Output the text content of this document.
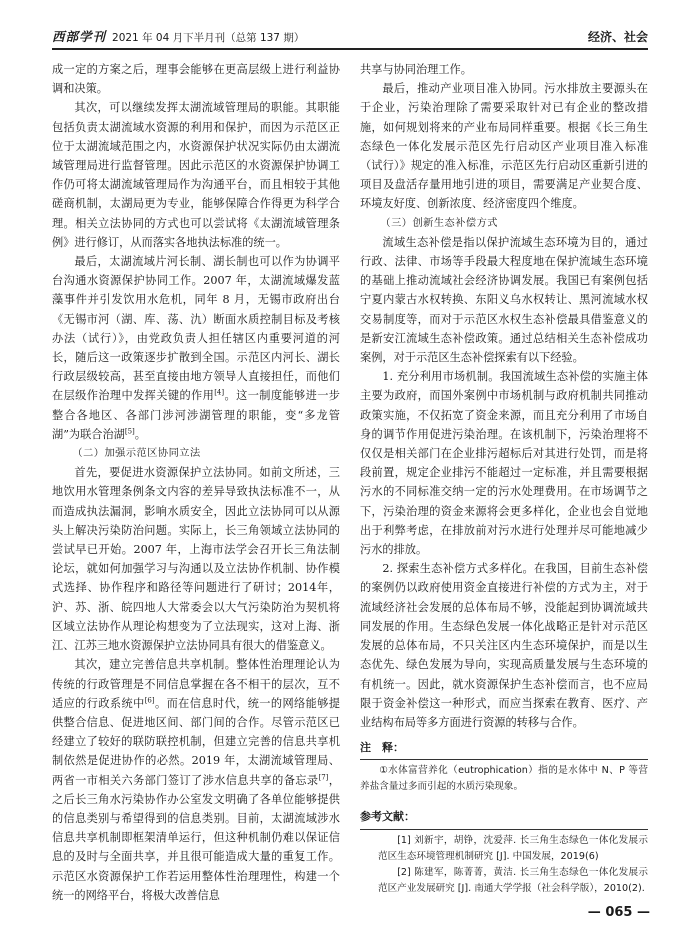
西部学刊 2021 年 04 月下半月刊（总第 137 期）	经济、社会

成一定的方案之后，理事会能够在更高层级上进行利益协调和决策。

其次，可以继续发挥太湖流域管理局的职能。其职能包括负责太湖流域水资源的利用和保护，而因为示范区正位于太湖流域范围之内，水资源保护状况实际仍由太湖流域管理局进行监督管理。因此示范区的水资源保护协调工作仍可将太湖流域管理局作为沟通平台，而且相较于其他磋商机制，太湖局更为专业，能够保障合作得更为科学合理。相关立法协同的方式也可以尝试将《太湖流域管理条例》进行修订，从而落实各地执法标准的统一。

最后，太湖流域片河长制、湖长制也可以作为协调平台沟通水资源保护协同工作。2007 年，太湖流域爆发蓝藻事件并引发饮用水危机，同年 8 月，无锡市政府出台《无锡市河（湖、库、荡、氿）断面水质控制目标及考核办法（试行）》，由党政负责人担任辖区内重要河道的河长，随后这一政策逐步扩散到全国。示范区内河长、湖长行政层级较高，甚至直接由地方领导人直接担任，而他们在层级作治理中发挥关键的作用[4]。这一制度能够进一步整合各地区、各部门涉河涉湖管理的职能，变“多龙管湖”为联合治湖[5]。

（二）加强示范区协同立法

首先，要促进水资源保护立法协同。如前文所述，三地饮用水管理条例条文内容的差异导致执法标准不一，从而造成执法漏洞，影响水质安全，因此立法协同可以从源头上解决污染防治问题。实际上，长三角领域立法协同的尝试早已开始。2007 年，上海市法学会召开长三角法制论坛，就如何加强学习与沟通以及立法协作机制、协作模式选择、协作程序和路径等问题进行了研讨；2014年，沪、苏、浙、皖四地人大常委会以大气污染防治为契机将区域立法协作从理论构想变为了立法现实，这对上海、浙江、江苏三地水资源保护立法协同具有很大的借鉴意义。

其次，建立完善信息共享机制。整体性治理理论认为传统的行政管理是不同信息掌握在各不相干的层次，互不适应的行政系统中[6]。而在信息时代，统一的网络能够提供整合信息、促进地区间、部门间的合作。尽管示范区已经建立了较好的联防联控机制，但建立完善的信息共享机制依然是促进协作的必然。2019 年，太湖流域管理局、两省一市相关六务部门签订了涉水信息共享的备忘录[7]，之后长三角水污染协作办公室发文明确了各单位能够提供的信息类别与希望得到的信息类别。目前，太湖流域涉水信息共享机制即框架清单运行，但这种机制仍难以保证信息的及时与全面共享，并且很可能造成大量的重复工作。示范区水资源保护工作若运用整体性治理理性，构建一个统一的网络平台，将极大改善信息

共享与协同治理工作。

最后，推动产业项目准入协同。污水排放主要源头在于企业，污染治理除了需要采取针对已有企业的整改措施，如何规划将来的产业布局同样重要。根据《长三角生态绿色一体化发展示范区先行启动区产业项目准入标准（试行）》规定的准入标准，示范区先行启动区重新引进的项目及盘活存量用地引进的项目，需要满足产业契合度、环境友好度、创新浓度、经济密度四个维度。

（三）创新生态补偿方式

流域生态补偿是指以保护流域生态环境为目的，通过行政、法律、市场等手段最大程度地在保护流域生态环境的基础上推动流域社会经济协调发展。我国已有案例包括宁夏内蒙古水权转换、东阳义乌水权转让、黑河流域水权交易制度等，而对于示范区水权生态补偿最具借鉴意义的是新安江流域生态补偿政策。通过总结相关生态补偿成功案例，对于示范区生态补偿探索有以下经验。

1. 充分利用市场机制。我国流域生态补偿的实施主体主要为政府，而国外案例中市场机制与政府机制共同推动政策实施，不仅拓宽了资金来源，而且充分利用了市场自身的调节作用促进污染治理。在该机制下，污染治理将不仅仅是相关部门在企业排污超标后对其进行处罚，而是将段前置，规定企业排污不能超过一定标准，并且需要根据污水的不同标准交纳一定的污水处理费用。在市场调节之下，污染治理的资金来源将会更多样化，企业也会自觉地出于利弊考虑，在排放前对污水进行处理并尽可能地减少污水的排放。

2. 探索生态补偿方式多样化。在我国，目前生态补偿的案例仍以政府使用资金直接进行补偿的方式为主，对于流域经济社会发展的总体布局不够，没能起到协调流域共同发展的作用。生态绿色发展一体化战略正是针对示范区发展的总体布局，不只关注区内生态环境保护，而是以生态优先、绿色发展为导向，实现高质量发展与生态环境的有机统一。因此，就水资源保护生态补偿而言，也不应局限于资金补偿这一种形式，而应当探索在教育、医疗、产业结构布局等多方面进行资源的转移与合作。

注　释：

①水体富营养化（eutrophication）指的是水体中 N、P 等营养盐含量过多而引起的水质污染现象。

参考文献：

[1] 刘新宇，胡铮，沈爱萍. 长三角生态绿色一体化发展示范区生态环境管理机制研究 [J]. 中国发展，2019(6)

[2] 陈建军，陈菁菁，黄洁. 长三角生态绿色一体化发展示范区产业发展研究 [J]. 南通大学学报（社会科学版），2010(2).

— 065 —
